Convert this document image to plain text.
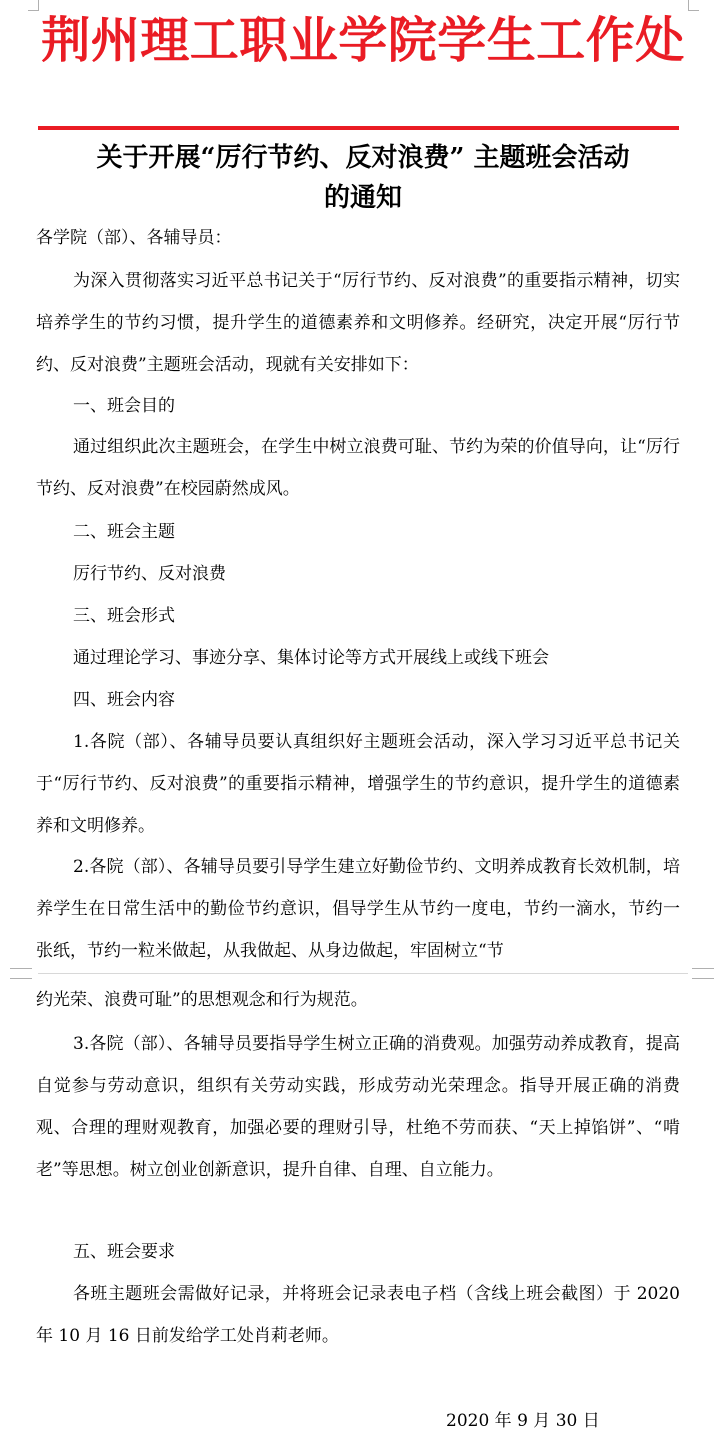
荆州理工职业学院学生工作处
关于开展“厉行节约、反对浪费” 主题班会活动
的通知

各学院（部）、各辅导员：

为深入贯彻落实习近平总书记关于“厉行节约、反对浪费”的重要指示精神，切实培养学生的节约习惯，提升学生的道德素养和文明修养。经研究，决定开展“厉行节约、反对浪费”主题班会活动，现就有关安排如下：

一、班会目的

通过组织此次主题班会，在学生中树立浪费可耻、节约为荣的价值导向，让“厉行节约、反对浪费”在校园蔚然成风。

二、班会主题

厉行节约、反对浪费

三、班会形式

通过理论学习、事迹分享、集体讨论等方式开展线上或线下班会

四、班会内容

1.各院（部）、各辅导员要认真组织好主题班会活动，深入学习习近平总书记关于“厉行节约、反对浪费”的重要指示精神，增强学生的节约意识，提升学生的道德素养和文明修养。

2.各院（部）、各辅导员要引导学生建立好勤俭节约、文明养成教育长效机制，培养学生在日常生活中的勤俭节约意识，倡导学生从节约一度电，节约一滴水，节约一张纸，节约一粒米做起，从我做起、从身边做起，牢固树立“节

约光荣、浪费可耻”的思想观念和行为规范。

3.各院（部）、各辅导员要指导学生树立正确的消费观。加强劳动养成教育，提高自觉参与劳动意识，组织有关劳动实践，形成劳动光荣理念。指导开展正确的消费观、合理的理财观教育，加强必要的理财引导，杜绝不劳而获、“天上掉馅饼”、“啃老”等思想。树立创业创新意识，提升自律、自理、自立能力。

五、班会要求

各班主题班会需做好记录，并将班会记录表电子档（含线上班会截图）于 2020 年 10 月 16 日前发给学工处肖莉老师。

2020 年 9 月 30 日
